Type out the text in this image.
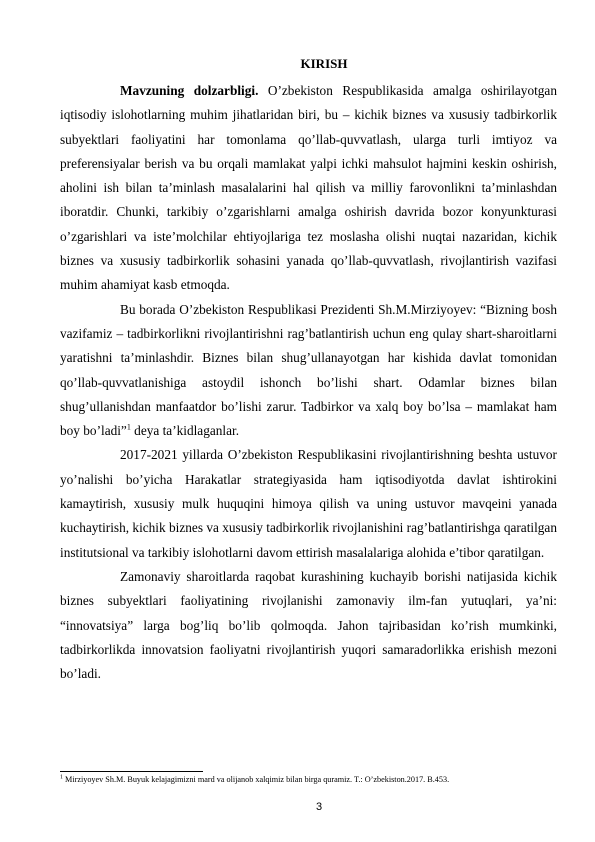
KIRISH

Mavzuning dolzarbligi. O’zbekiston Respublikasida amalga oshirilayotgan iqtisodiy islohotlarning muhim jihatlaridan biri, bu – kichik biznes va xususiy tadbirkorlik subyektlari faoliyatini har tomonlama qo’llab-quvvatlash, ularga turli imtiyoz va preferensiyalar berish va bu orqali mamlakat yalpi ichki mahsulot hajmini keskin oshirish, aholini ish bilan ta’minlash masalalarini hal qilish va milliy farovonlikni ta’minlashdan iboratdir. Chunki, tarkibiy o’zgarishlarni amalga oshirish davrida bozor konyunkturasi o’zgarishlari va iste’molchilar ehtiyojlariga tez moslasha olishi nuqtai nazaridan, kichik biznes va xususiy tadbirkorlik sohasini yanada qo’llab-quvvatlash, rivojlantirish vazifasi muhim ahamiyat kasb etmoqda.

Bu borada O’zbekiston Respublikasi Prezidenti Sh.M.Mirziyoyev: “Bizning bosh vazifamiz – tadbirkorlikni rivojlantirishni rag’batlantirish uchun eng qulay shart-sharoitlarni yaratishni ta’minlashdir. Biznes bilan shug’ullanayotgan har kishida davlat tomonidan qo’llab-quvvatlanishiga astoydil ishonch bo’lishi shart. Odamlar biznes bilan shug’ullanishdan manfaatdor bo’lishi zarur. Tadbirkor va xalq boy bo’lsa – mamlakat ham boy bo’ladi”$^1$ deya ta’kidlaganlar.

2017-2021 yillarda O’zbekiston Respublikasini rivojlantirishning beshta ustuvor yo’nalishi bo’yicha Harakatlar strategiyasida ham iqtisodiyotda davlat ishtirokini kamaytirish, xususiy mulk huquqini himoya qilish va uning ustuvor mavqeini yanada kuchaytirish, kichik biznes va xususiy tadbirkorlik rivojlanishini rag’batlantirishga qaratilgan institutsional va tarkibiy islohotlarni davom ettirish masalalariga alohida e’tibor qaratilgan.

Zamonaviy sharoitlarda raqobat kurashining kuchayib borishi natijasida kichik biznes subyektlari faoliyatining rivojlanishi zamonaviy ilm-fan yutuqlari, ya’ni: “innovatsiya” larga bog’liq bo’lib qolmoqda. Jahon tajribasidan ko’rish mumkinki, tadbirkorlikda innovatsion faoliyatni rivojlantirish yuqori samaradorlikka erishish mezoni bo’ladi.

$^1$ Mirziyoyev Sh.M. Buyuk kelajagimizni mard va olijanob xalqimiz bilan birga quramiz. T.: O’zbekiston.2017. B.453.
3
